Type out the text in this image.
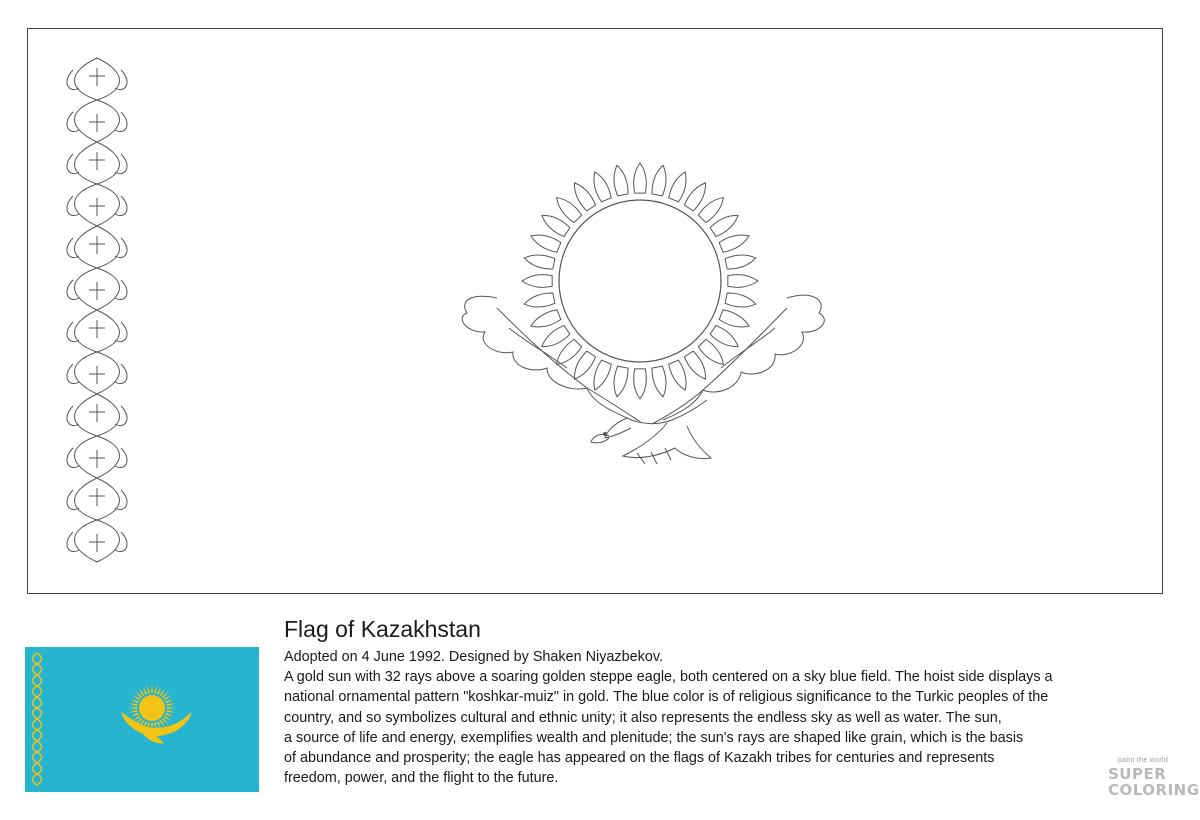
Flag of Kazakhstan
Adopted on 4 June 1992. Designed by Shaken Niyazbekov.
A gold sun with 32 rays above a soaring golden steppe eagle, both centered on a sky blue field. The hoist side displays a
national ornamental pattern "koshkar-muiz" in gold. The blue color is of religious significance to the Turkic peoples of the
country, and so symbolizes cultural and ethnic unity; it also represents the endless sky as well as water. The sun,
a source of life and energy, exemplifies wealth and plenitude; the sun's rays are shaped like grain, which is the basis
of abundance and prosperity; the eagle has appeared on the flags of Kazakh tribes for centuries and represents
freedom, power, and the flight to the future.
paint the world
SUPER
COLORING
